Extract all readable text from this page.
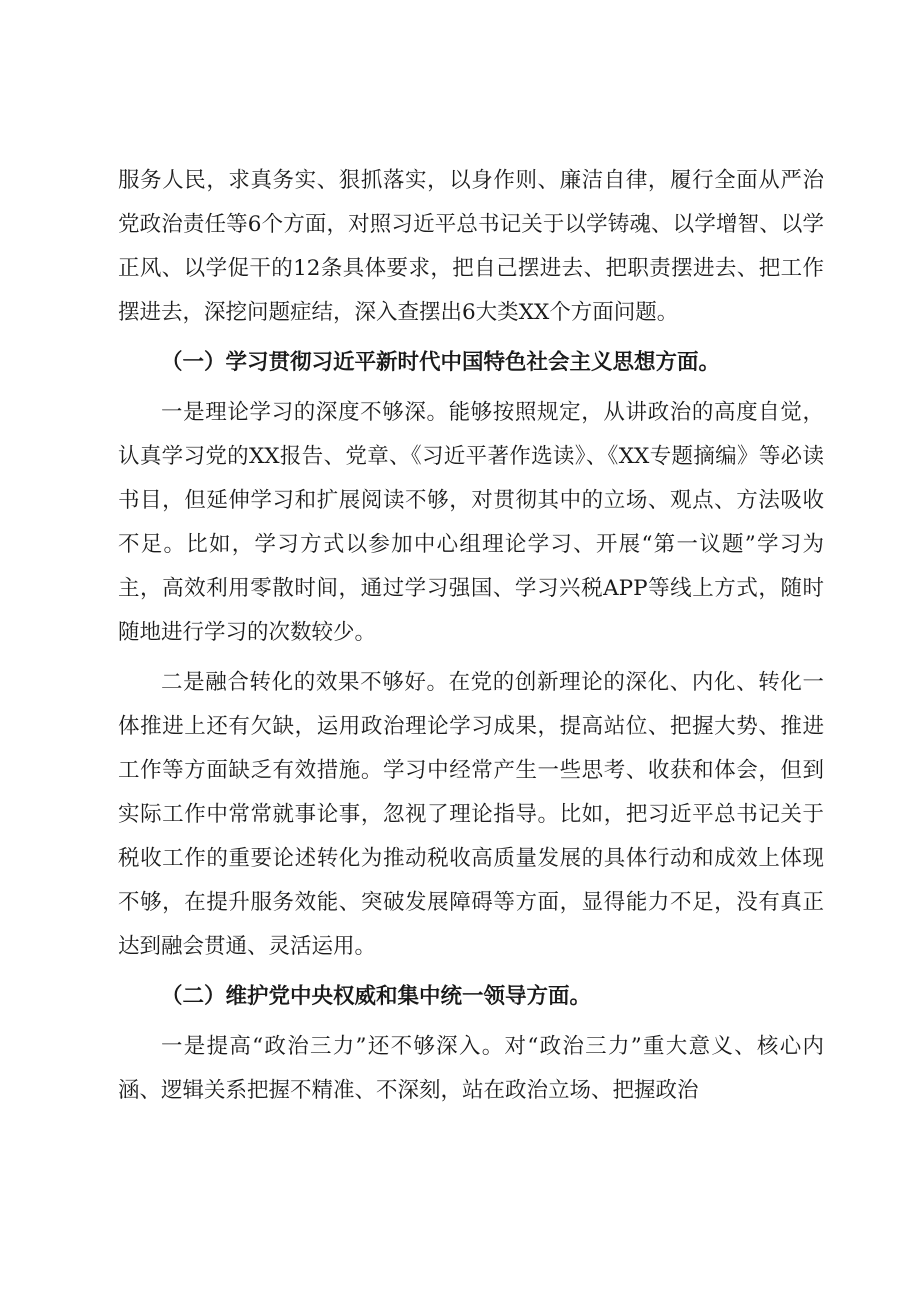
服务人民，求真务实、狠抓落实，以身作则、廉洁自律，履行全面从严治党政治责任等6个方面，对照习近平总书记关于以学铸魂、以学增智、以学正风、以学促干的12条具体要求，把自己摆进去、把职责摆进去、把工作摆进去，深挖问题症结，深入查摆出6大类XX个方面问题。

（一）学习贯彻习近平新时代中国特色社会主义思想方面。

一是理论学习的深度不够深。能够按照规定，从讲政治的高度自觉，认真学习党的XX报告、党章、《习近平著作选读》、《XX专题摘编》等必读书目，但延伸学习和扩展阅读不够，对贯彻其中的立场、观点、方法吸收不足。比如，学习方式以参加中心组理论学习、开展“第一议题”学习为主，高效利用零散时间，通过学习强国、学习兴税APP等线上方式，随时随地进行学习的次数较少。

二是融合转化的效果不够好。在党的创新理论的深化、内化、转化一体推进上还有欠缺，运用政治理论学习成果，提高站位、把握大势、推进工作等方面缺乏有效措施。学习中经常产生一些思考、收获和体会，但到实际工作中常常就事论事，忽视了理论指导。比如，把习近平总书记关于税收工作的重要论述转化为推动税收高质量发展的具体行动和成效上体现不够，在提升服务效能、突破发展障碍等方面，显得能力不足，没有真正达到融会贯通、灵活运用。

（二）维护党中央权威和集中统一领导方面。

一是提高“政治三力”还不够深入。对“政治三力”重大意义、核心内涵、逻辑关系把握不精准、不深刻，站在政治立场、把握政治
